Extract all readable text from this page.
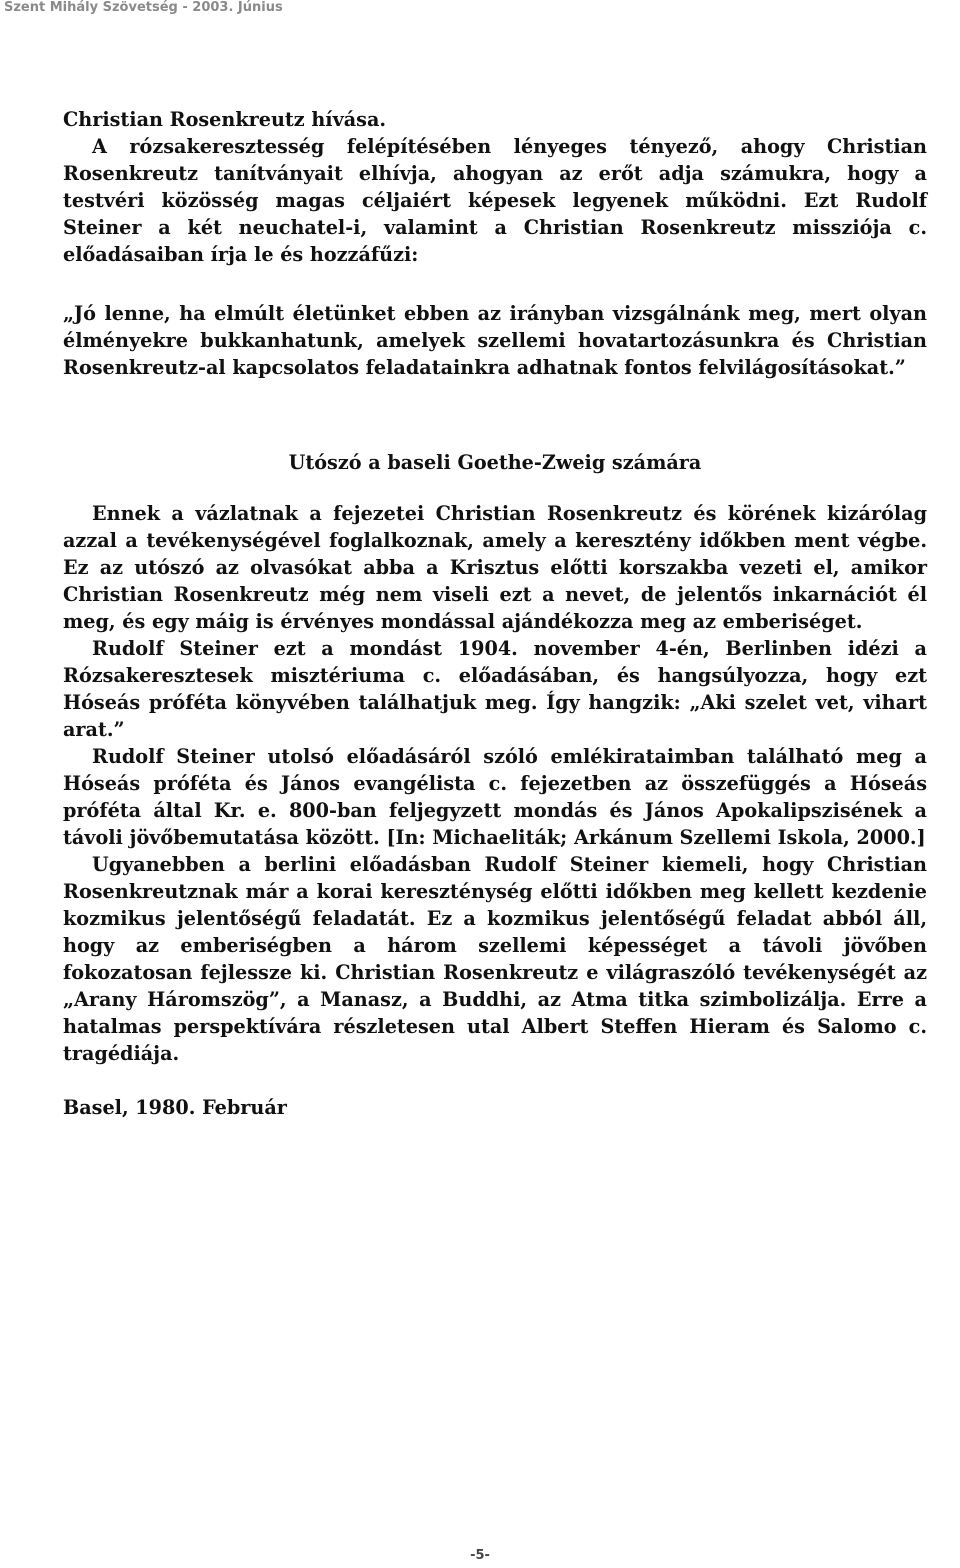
Szent Mihály Szövetség - 2003. Június

Christian Rosenkreutz hívása.

A rózsakeresztesség felépítésében lényeges tényező, ahogy Christian Rosenkreutz tanítványait elhívja, ahogyan az erőt adja számukra, hogy a testvéri közösség magas céljaiért képesek legyenek működni. Ezt Rudolf Steiner a két neuchatel-i, valamint a Christian Rosenkreutz missziója c. előadásaiban írja le és hozzáfűzi:

„Jó lenne, ha elmúlt életünket ebben az irányban vizsgálnánk meg, mert olyan élményekre bukkanhatunk, amelyek szellemi hovatartozásunkra és Christian Rosenkreutz-al kapcsolatos feladatainkra adhatnak fontos felvilágosításokat.”

Utószó a baseli Goethe-Zweig számára

Ennek a vázlatnak a fejezetei Christian Rosenkreutz és körének kizárólag azzal a tevékenységével foglalkoznak, amely a keresztény időkben ment végbe. Ez az utószó az olvasókat abba a Krisztus előtti korszakba vezeti el, amikor Christian Rosenkreutz még nem viseli ezt a nevet, de jelentős inkarnációt él meg, és egy máig is érvényes mondással ajándékozza meg az emberiséget.

Rudolf Steiner ezt a mondást 1904. november 4-én, Berlinben idézi a Rózsakeresztesek misztériuma c. előadásában, és hangsúlyozza, hogy ezt Hóseás próféta könyvében találhatjuk meg. Így hangzik: „Aki szelet vet, vihart arat.”

Rudolf Steiner utolsó előadásáról szóló emlékirataimban található meg a Hóseás próféta és János evangélista c. fejezetben az összefüggés a Hóseás próféta által Kr. e. 800-ban feljegyzett mondás és János Apokalipszisének a távoli jövőbemutatása között. [In: Michaeliták; Arkánum Szellemi Iskola, 2000.]

Ugyanebben a berlini előadásban Rudolf Steiner kiemeli, hogy Christian Rosenkreutznak már a korai kereszténység előtti időkben meg kellett kezdenie kozmikus jelentőségű feladatát. Ez a kozmikus jelentőségű feladat abból áll, hogy az emberiségben a három szellemi képességet a távoli jövőben fokozatosan fejlessze ki. Christian Rosenkreutz e világraszóló tevékenységét az „Arany Háromszög”, a Manasz, a Buddhi, az Atma titka szimbolizálja. Erre a hatalmas perspektívára részletesen utal Albert Steffen Hieram és Salomo c. tragédiája.

Basel, 1980. Február

-5-
